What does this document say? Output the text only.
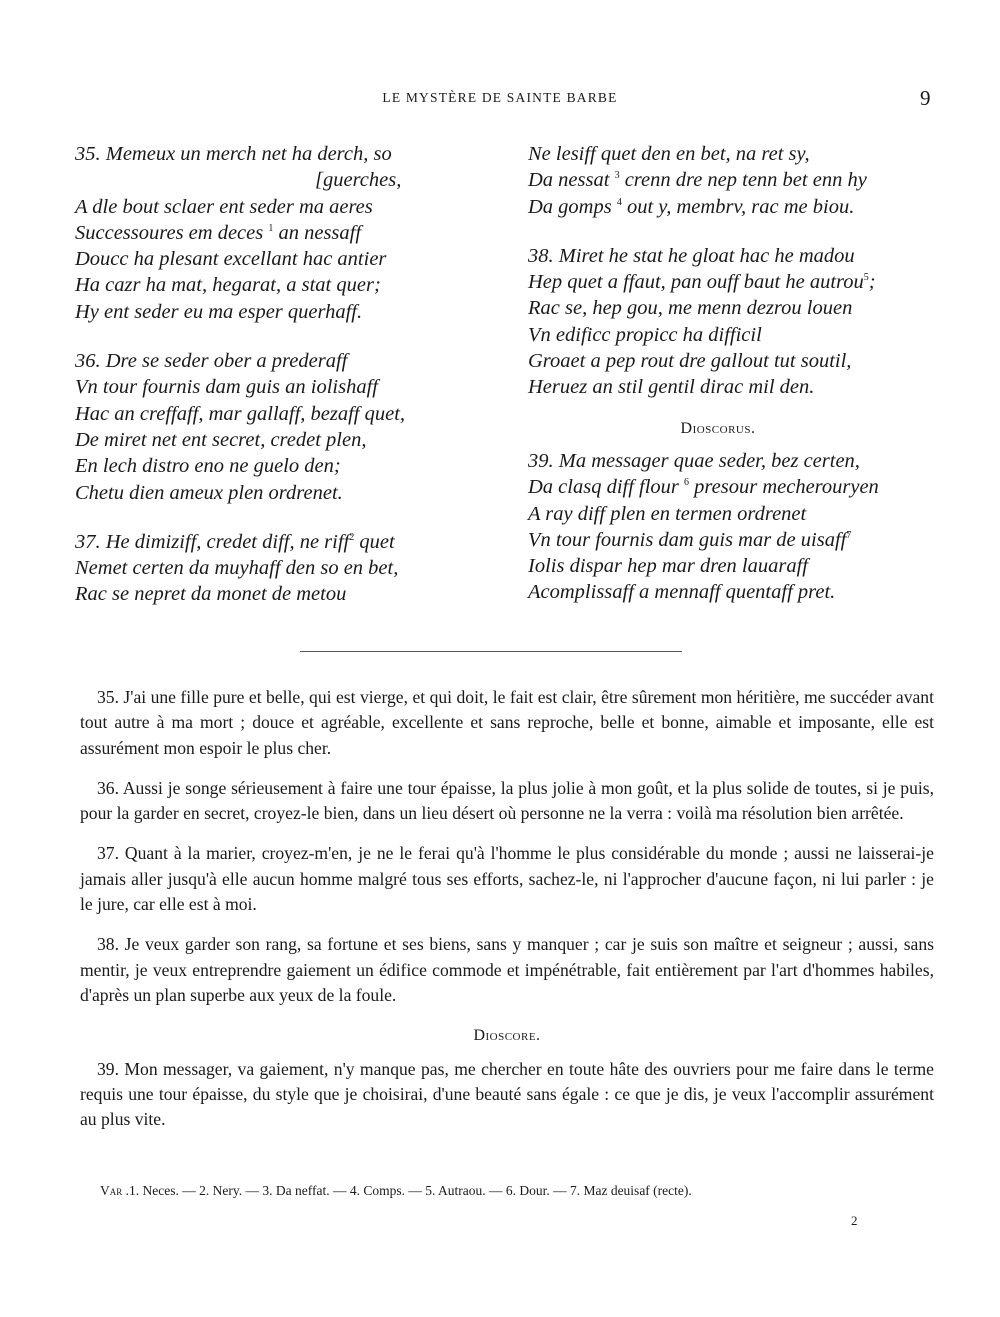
LE MYSTÈRE DE SAINTE BARBE	9
35. Memeux un merch net ha derch, so
[guerches,
A dle bout sclaer ent seder ma aeres
Successoures em deces $^1$ an nessaff
Doucc ha plesant excellant hac antier
Ha cazr ha mat, hegarat, a stat quer;
Hy ent seder eu ma esper querhaff.
36. Dre se seder ober a prederaff
Vn tour fournis dam guis an iolishaff
Hac an creffaff, mar gallaff, bezaff quet,
De miret net ent secret, credet plen,
En lech distro eno ne guelo den;
Chetu dien ameux plen ordrenet.
37. He dimiziff, credet diff, ne riff$^2$ quet
Nemet certen da muyhaff den so en bet,
Rac se nepret da monet de metou
Ne lesiff quet den en bet, na ret sy,
Da nessat $^3$ crenn dre nep tenn bet enn hy
Da gomps $^4$ out y, membrv, rac me biou.
38. Miret he stat he gloat hac he madou
Hep quet a ffaut, pan ouff baut he autrou$^5$;
Rac se, hep gou, me menn dezrou louen
Vn edificc propicc ha difficil
Groaet a pep rout dre gallout tut soutil,
Heruez an stil gentil dirac mil den.
Dioscorus.
39. Ma messager quae seder, bez certen,
Da clasq diff flour $^6$ presour mecherouryen
A ray diff plen en termen ordrenet
Vn tour fournis dam guis mar de uisaff$^7$
Iolis dispar hep mar dren lauaraff
Acomplissaff a mennaff quentaff pret.

35. J'ai une fille pure et belle, qui est vierge, et qui doit, le fait est clair, être sûrement mon héritière, me succéder avant tout autre à ma mort ; douce et agréable, excellente et sans reproche, belle et bonne, aimable et imposante, elle est assurément mon espoir le plus cher.

36. Aussi je songe sérieusement à faire une tour épaisse, la plus jolie à mon goût, et la plus solide de toutes, si je puis, pour la garder en secret, croyez-le bien, dans un lieu désert où personne ne la verra : voilà ma résolution bien arrêtée.

37. Quant à la marier, croyez-m'en, je ne le ferai qu'à l'homme le plus considérable du monde ; aussi ne laisserai-je jamais aller jusqu'à elle aucun homme malgré tous ses efforts, sachez-le, ni l'approcher d'aucune façon, ni lui parler : je le jure, car elle est à moi.

38. Je veux garder son rang, sa fortune et ses biens, sans y manquer ; car je suis son maître et seigneur ; aussi, sans mentir, je veux entreprendre gaiement un édifice commode et impénétrable, fait entièrement par l'art d'hommes habiles, d'après un plan superbe aux yeux de la foule.

Dioscore.

39. Mon messager, va gaiement, n'y manque pas, me chercher en toute hâte des ouvriers pour me faire dans le terme requis une tour épaisse, du style que je choisirai, d'une beauté sans égale : ce que je dis, je veux l'accomplir assurément au plus vite.

Var .1. Neces. — 2. Nery. — 3. Da neffat. — 4. Comps. — 5. Autraou. — 6. Dour. — 7. Maz deuisaf (recte).
2
